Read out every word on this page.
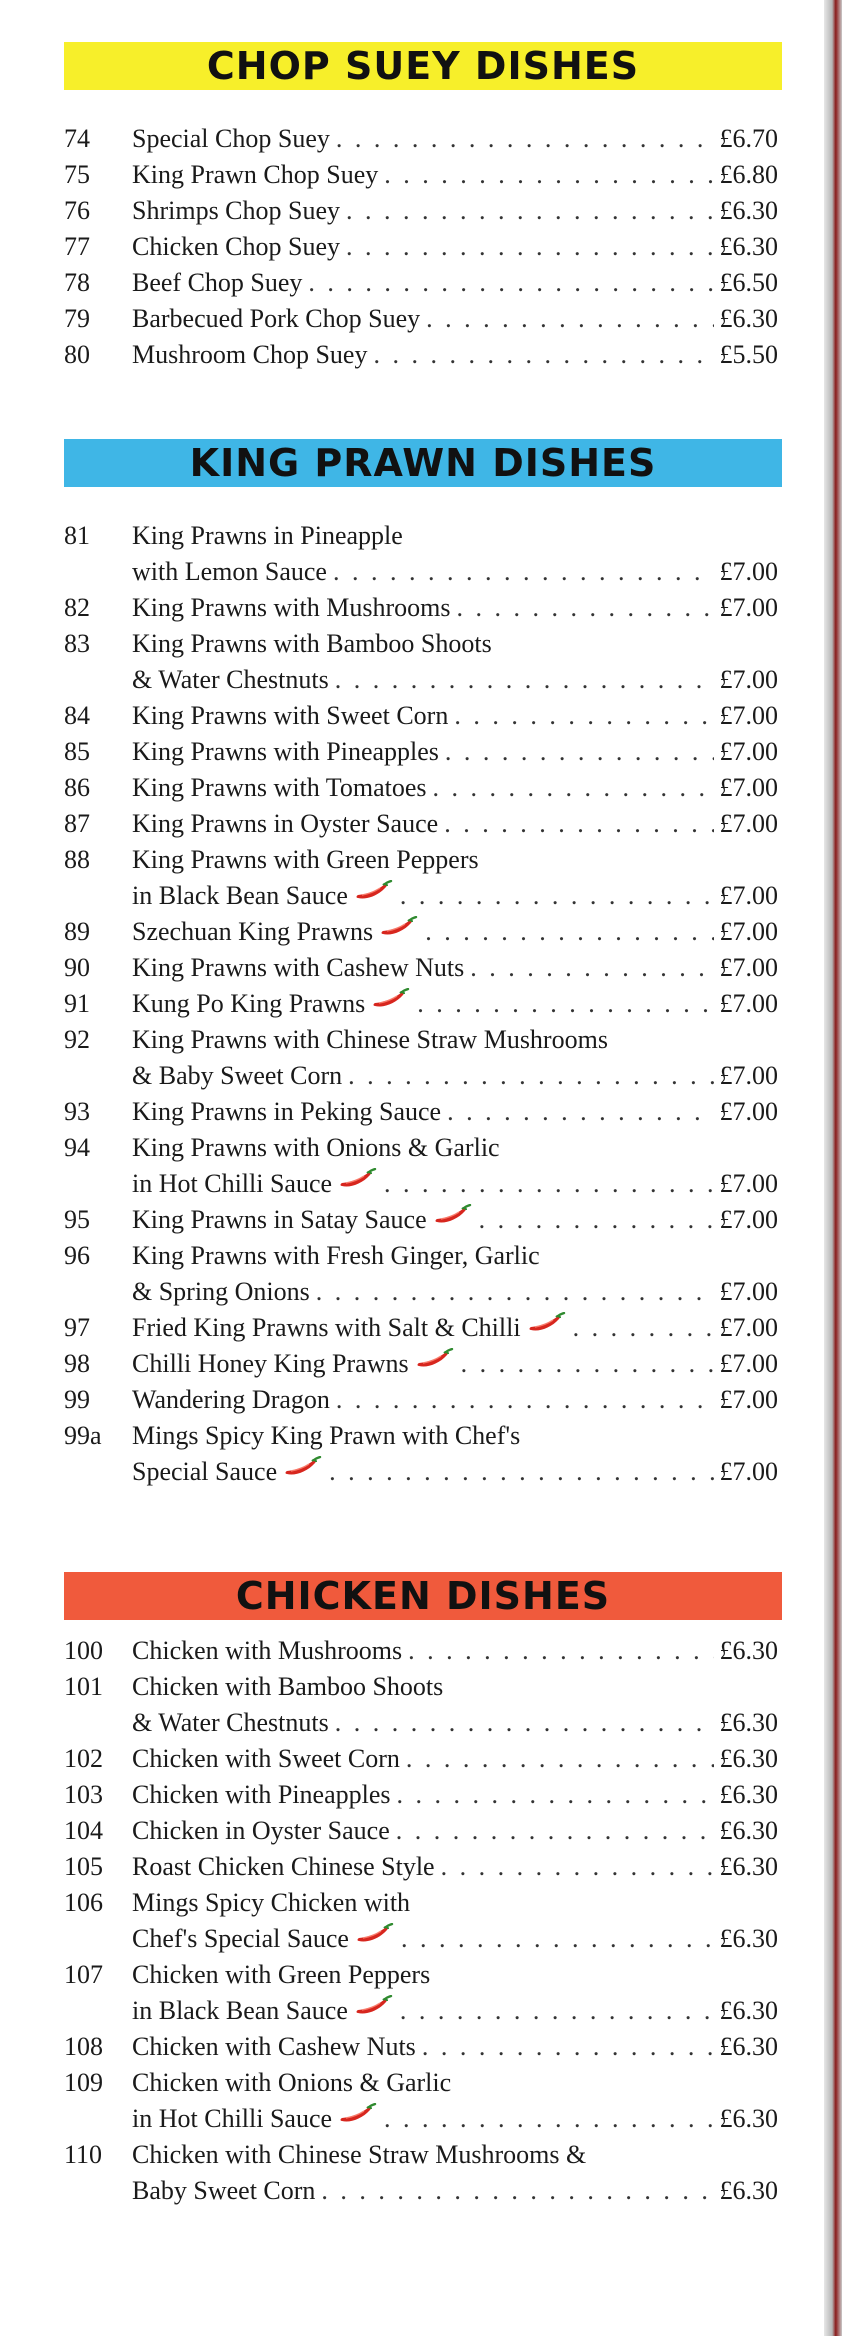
CHOP SUEY DISHES
74	Special Chop Suey . . .	£6.70
75	King Prawn Chop Suey . . .	£6.80
76	Shrimps Chop Suey . . .	£6.30
77	Chicken Chop Suey . . .	£6.30
78	Beef Chop Suey . . .	£6.50
79	Barbecued Pork Chop Suey . . .	£6.30
80	Mushroom Chop Suey . . .	£5.50
KING PRAWN DISHES
81	King Prawns in Pineapple
with Lemon Sauce . . .	£7.00
82	King Prawns with Mushrooms . . .	£7.00
83	King Prawns with Bamboo Shoots
& Water Chestnuts . . .	£7.00
84	King Prawns with Sweet Corn . . .	£7.00
85	King Prawns with Pineapples . . .	£7.00
86	King Prawns with Tomatoes . . .	£7.00
87	King Prawns in Oyster Sauce . . .	£7.00
88	King Prawns with Green Peppers
in Black Bean Sauce . . .	£7.00
89	Szechuan King Prawns . . .	£7.00
90	King Prawns with Cashew Nuts . . .	£7.00
91	Kung Po King Prawns . . .	£7.00
92	King Prawns with Chinese Straw Mushrooms
& Baby Sweet Corn . . .	£7.00
93	King Prawns in Peking Sauce . . .	£7.00
94	King Prawns with Onions & Garlic
in Hot Chilli Sauce . . .	£7.00
95	King Prawns in Satay Sauce . . .	£7.00
96	King Prawns with Fresh Ginger, Garlic
& Spring Onions . . .	£7.00
97	Fried King Prawns with Salt & Chilli . . .	£7.00
98	Chilli Honey King Prawns . . .	£7.00
99	Wandering Dragon . . .	£7.00
99a	Mings Spicy King Prawn with Chef's
Special Sauce . . .	£7.00
CHICKEN DISHES
100	Chicken with Mushrooms . . .	£6.30
101	Chicken with Bamboo Shoots
& Water Chestnuts . . .	£6.30
102	Chicken with Sweet Corn . . .	£6.30
103	Chicken with Pineapples . . .	£6.30
104	Chicken in Oyster Sauce . . .	£6.30
105	Roast Chicken Chinese Style . . .	£6.30
106	Mings Spicy Chicken with
Chef's Special Sauce . . .	£6.30
107	Chicken with Green Peppers
in Black Bean Sauce . . .	£6.30
108	Chicken with Cashew Nuts . . .	£6.30
109	Chicken with Onions & Garlic
in Hot Chilli Sauce . . .	£6.30
110	Chicken with Chinese Straw Mushrooms &
Baby Sweet Corn . . .	£6.30
